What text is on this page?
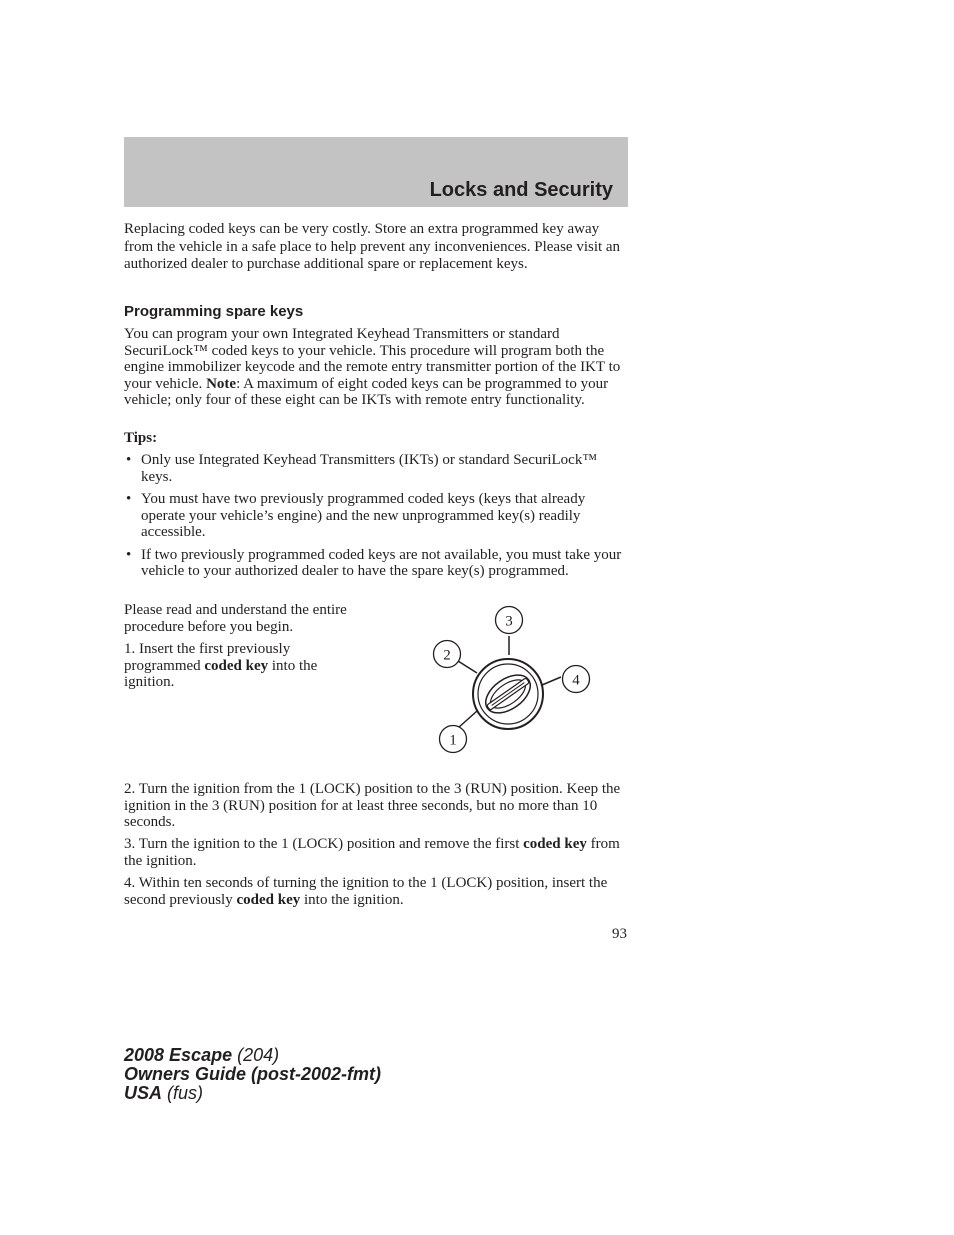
Locks and Security

Replacing coded keys can be very costly. Store an extra programmed key away from the vehicle in a safe place to help prevent any inconveniences. Please visit an authorized dealer to purchase additional spare or replacement keys.

Programming spare keys

You can program your own Integrated Keyhead Transmitters or standard SecuriLock™ coded keys to your vehicle. This procedure will program both the engine immobilizer keycode and the remote entry transmitter portion of the IKT to your vehicle. Note: A maximum of eight coded keys can be programmed to your vehicle; only four of these eight can be IKTs with remote entry functionality.

Tips:
• Only use Integrated Keyhead Transmitters (IKTs) or standard SecuriLock™ keys.
• You must have two previously programmed coded keys (keys that already operate your vehicle’s engine) and the new unprogrammed key(s) readily accessible.
• If two previously programmed coded keys are not available, you must take your vehicle to your authorized dealer to have the spare key(s) programmed.

Please read and understand the entire procedure before you begin.

1. Insert the first previously programmed coded key into the ignition.

3
2
4
1

2. Turn the ignition from the 1 (LOCK) position to the 3 (RUN) position. Keep the ignition in the 3 (RUN) position for at least three seconds, but no more than 10 seconds.

3. Turn the ignition to the 1 (LOCK) position and remove the first coded key from the ignition.

4. Within ten seconds of turning the ignition to the 1 (LOCK) position, insert the second previously coded key into the ignition.

93
2008 Escape (204)
Owners Guide (post-2002-fmt)
USA (fus)
